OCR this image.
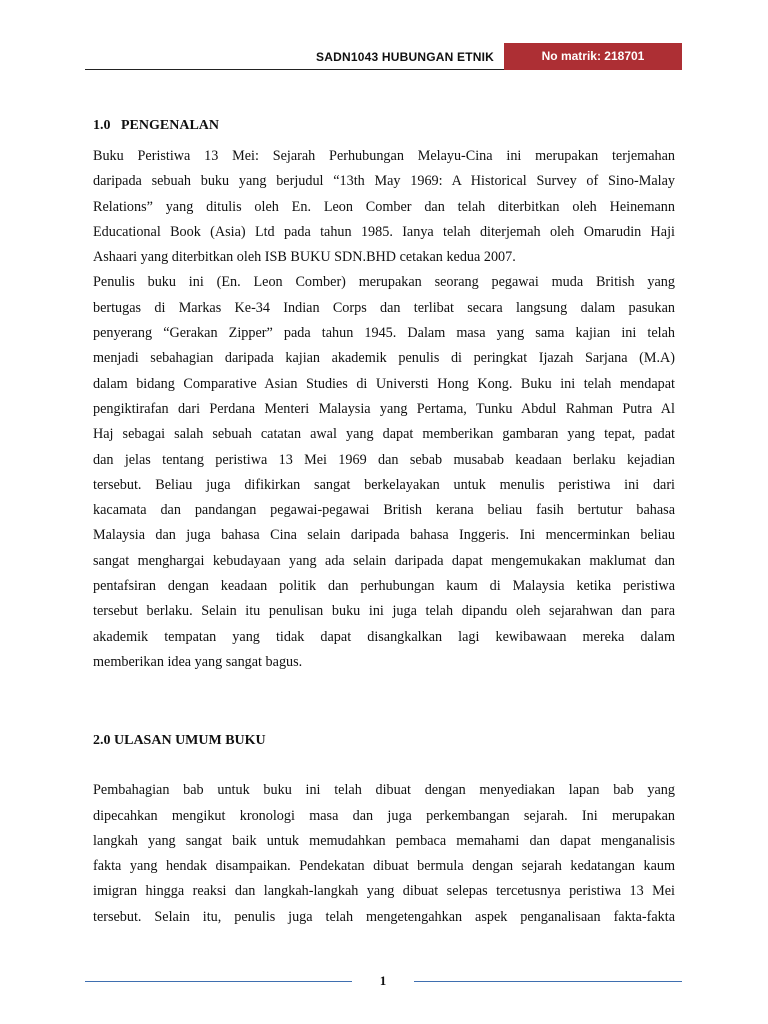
SADN1043 HUBUNGAN ETNIK	No matrik: 218701
1.0   PENGENALAN
Buku Peristiwa 13 Mei: Sejarah Perhubungan Melayu-Cina ini merupakan terjemahan
daripada sebuah buku yang berjudul “13th May 1969: A Historical Survey of Sino-Malay
Relations” yang ditulis oleh En. Leon Comber dan telah diterbitkan oleh Heinemann
Educational Book (Asia) Ltd pada tahun 1985. Ianya telah diterjemah oleh Omarudin Haji
Ashaari yang diterbitkan oleh ISB BUKU SDN.BHD cetakan kedua 2007.
Penulis buku ini (En. Leon Comber) merupakan seorang pegawai muda British yang
bertugas di Markas Ke-34 Indian Corps dan terlibat secara langsung dalam pasukan
penyerang “Gerakan Zipper” pada tahun 1945. Dalam masa yang sama kajian ini telah
menjadi sebahagian daripada kajian akademik penulis di peringkat Ijazah Sarjana (M.A)
dalam bidang Comparative Asian Studies di Universti Hong Kong. Buku ini telah mendapat
pengiktirafan dari Perdana Menteri Malaysia yang Pertama, Tunku Abdul Rahman Putra Al
Haj sebagai salah sebuah catatan awal yang dapat memberikan gambaran yang tepat, padat
dan jelas tentang peristiwa 13 Mei 1969 dan sebab musabab keadaan berlaku kejadian
tersebut. Beliau juga difikirkan sangat berkelayakan untuk menulis peristiwa ini dari
kacamata dan pandangan pegawai-pegawai British kerana beliau fasih bertutur bahasa
Malaysia dan juga bahasa Cina selain daripada bahasa Inggeris. Ini mencerminkan beliau
sangat menghargai kebudayaan yang ada selain daripada dapat mengemukakan maklumat dan
pentafsiran dengan keadaan politik dan perhubungan kaum di Malaysia ketika peristiwa
tersebut berlaku. Selain itu penulisan buku ini juga telah dipandu oleh sejarahwan dan para
akademik tempatan yang tidak dapat disangkalkan lagi kewibawaan mereka dalam
memberikan idea yang sangat bagus.
2.0 ULASAN UMUM BUKU
Pembahagian bab untuk buku ini telah dibuat dengan menyediakan lapan bab yang
dipecahkan mengikut kronologi masa dan juga perkembangan sejarah. Ini merupakan
langkah yang sangat baik untuk memudahkan pembaca memahami dan dapat menganalisis
fakta yang hendak disampaikan. Pendekatan dibuat bermula dengan sejarah kedatangan kaum
imigran hingga reaksi dan langkah-langkah yang dibuat selepas tercetusnya peristiwa 13 Mei
tersebut. Selain itu, penulis juga telah mengetengahkan aspek penganalisaan fakta-fakta
1
